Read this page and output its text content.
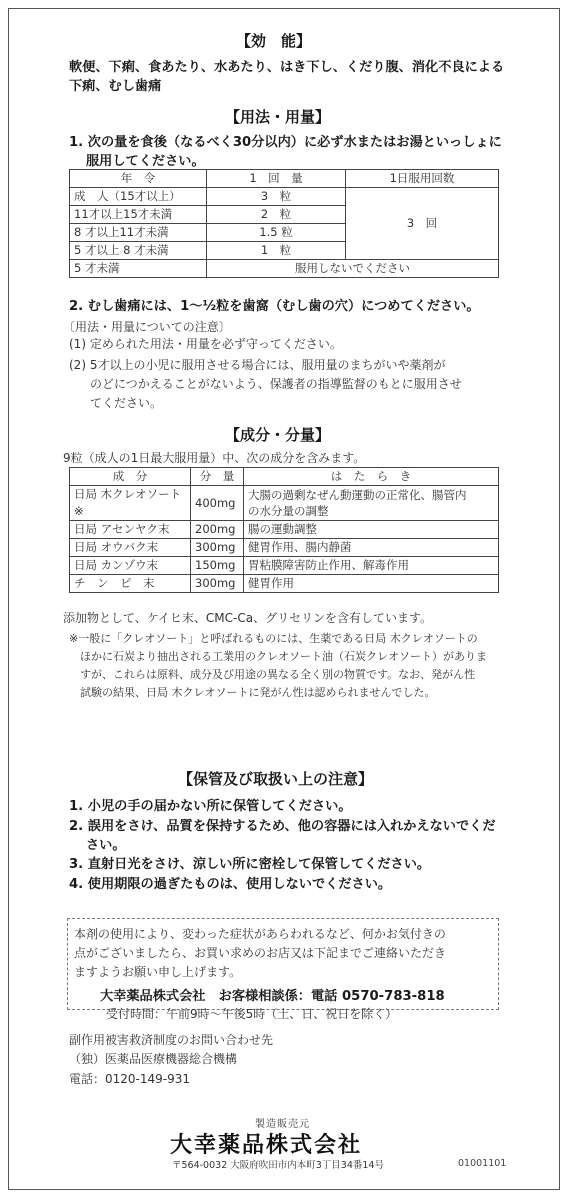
【効　能】
軟便、下痢、食あたり、水あたり、はき下し、くだり腹、消化不良による
下痢、むし歯痛
【用法・用量】
1. 次の量を食後（なるべく30分以内）に必ず水またはお湯といっしょに
服用してください。
年　令	1　回　量	1日服用回数
成　人（15才以上）	3　粒	3　回
11才以上15才未満	2　粒	
8 才以上11才未満	1.5 粒	
5 才以上 8 才未満	1　粒	
5 才未満	服用しないでください	
2. むし歯痛には、1～½粒を歯窩（むし歯の穴）につめてください。
〔用法・用量についての注意〕
(1) 定められた用法・用量を必ず守ってください。
(2) 5才以上の小児に服用させる場合には、服用量のまちがいや薬剤が
のどにつかえることがないよう、保護者の指導監督のもとに服用させ
てください。
【成分・分量】
9粒（成人の1日最大服用量）中、次の成分を含みます。
成　分	分　量	は　た　ら　き
日局 木クレオソート※	400mg	大腸の過剰なぜん動運動の正常化、腸管内
の水分量の調整
日局 アセンヤク末	200mg	腸の運動調整
日局 オウバク末	300mg	健胃作用、腸内静菌
日局 カンゾウ末	150mg	胃粘膜障害防止作用、解毒作用
チ　ン　ピ　末	300mg	健胃作用
添加物として、ケイヒ末、CMC-Ca、グリセリンを含有しています。
※一般に「クレオソート」と呼ばれるものには、生薬である日局 木クレオソートの
ほかに石炭より抽出される工業用のクレオソート油（石炭クレオソート）がありま
すが、これらは原料、成分及び用途の異なる全く別の物質です。なお、発がん性
試験の結果、日局 木クレオソートに発がん性は認められませんでした。
【保管及び取扱い上の注意】
1. 小児の手の届かない所に保管してください。
2. 誤用をさけ、品質を保持するため、他の容器には入れかえないでくだ
さい。
3. 直射日光をさけ、涼しい所に密栓して保管してください。
4. 使用期限の過ぎたものは、使用しないでください。
本剤の使用により、変わった症状があらわれるなど、何かお気付きの
点がございましたら、お買い求めのお店又は下記までご連絡いただき
ますようお願い申し上げます。
大幸薬品株式会社　お客様相談係：電話 0570-783-818
受付時間：午前9時～午後5時（土、日、祝日を除く）
副作用被害救済制度のお問い合わせ先
（独）医薬品医療機器総合機構
電話：0120-149-931
製造販売元
大幸薬品株式会社
〒564-0032 大阪府吹田市内本町3丁目34番14号	01001101
